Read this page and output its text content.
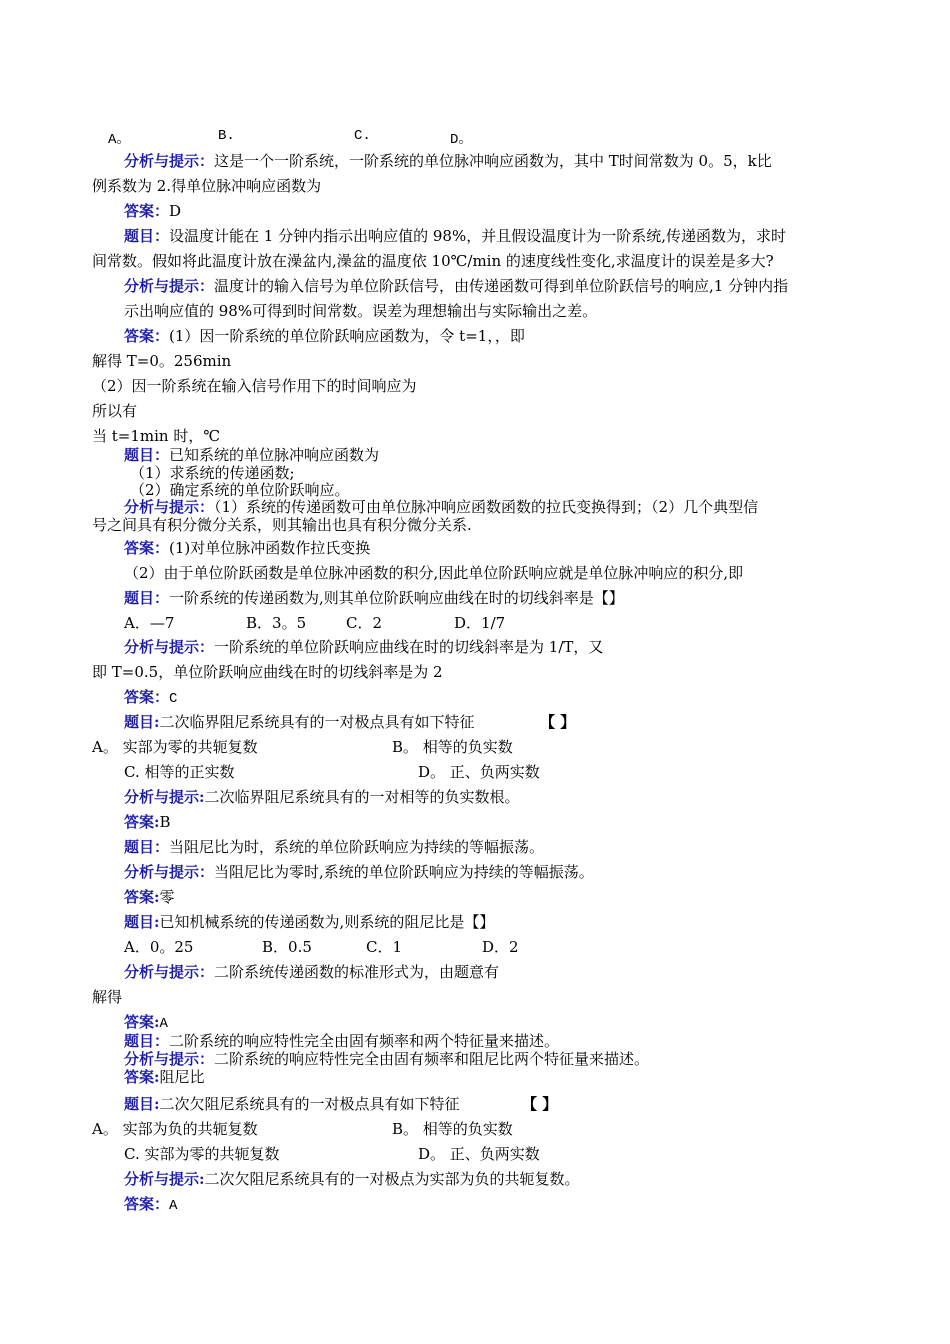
A。	B.	C.	D。
分析与提示：这是一个一阶系统，一阶系统的单位脉冲响应函数为，其中 T时间常数为 0。5，k比
例系数为 2.得单位脉冲响应函数为
答案：D
题目：设温度计能在 1 分钟内指示出响应值的 98%，并且假设温度计为一阶系统,传递函数为，求时
间常数。假如将此温度计放在澡盆内,澡盆的温度依 10℃/min 的速度线性变化,求温度计的误差是多大?
分析与提示：温度计的输入信号为单位阶跃信号，由传递函数可得到单位阶跃信号的响应,1 分钟内指
示出响应值的 98%可得到时间常数。误差为理想输出与实际输出之差。
答案：(1）因一阶系统的单位阶跃响应函数为，令 t=1，，即
解得 T=0。256min
（2）因一阶系统在输入信号作用下的时间响应为
所以有
当 t=1min 时，℃
题目：已知系统的单位脉冲响应函数为
（1）求系统的传递函数;
（2）确定系统的单位阶跃响应。
分析与提示：（1）系统的传递函数可由单位脉冲响应函数函数的拉氏变换得到；（2）几个典型信
号之间具有积分微分关系，则其输出也具有积分微分关系.
答案：(1)对单位脉冲函数作拉氏变换
（2）由于单位阶跃函数是单位脉冲函数的积分,因此单位阶跃响应就是单位脉冲响应的积分,即
题目：一阶系统的传递函数为,则其单位阶跃响应曲线在时的切线斜率是【】
A．—7	B．3。5	C．2	D．1/7
分析与提示：一阶系统的单位阶跃响应曲线在时的切线斜率是为 1/T，又
即 T=0.5，单位阶跃响应曲线在时的切线斜率是为 2
答案：C
题目:二次临界阻尼系统具有的一对极点具有如下特征	【 】
A。 实部为零的共轭复数	B。 相等的负实数
C. 相等的正实数	D。 正、负两实数
分析与提示:二次临界阻尼系统具有的一对相等的负实数根。
答案:B
题目：当阻尼比为时，系统的单位阶跃响应为持续的等幅振荡。
分析与提示：当阻尼比为零时,系统的单位阶跃响应为持续的等幅振荡。
答案:零
题目:已知机械系统的传递函数为,则系统的阻尼比是【】
A．0。25	B．0.5	C．1	D．2
分析与提示：二阶系统传递函数的标准形式为，由题意有
解得
答案:A
题目：二阶系统的响应特性完全由固有频率和两个特征量来描述。
分析与提示：二阶系统的响应特性完全由固有频率和阻尼比两个特征量来描述。
答案:阻尼比
题目:二次欠阻尼系统具有的一对极点具有如下特征	【 】
A。 实部为负的共轭复数	B。 相等的负实数
C. 实部为零的共轭复数	D。 正、负两实数
分析与提示:二次欠阻尼系统具有的一对极点为实部为负的共轭复数。
答案：A
